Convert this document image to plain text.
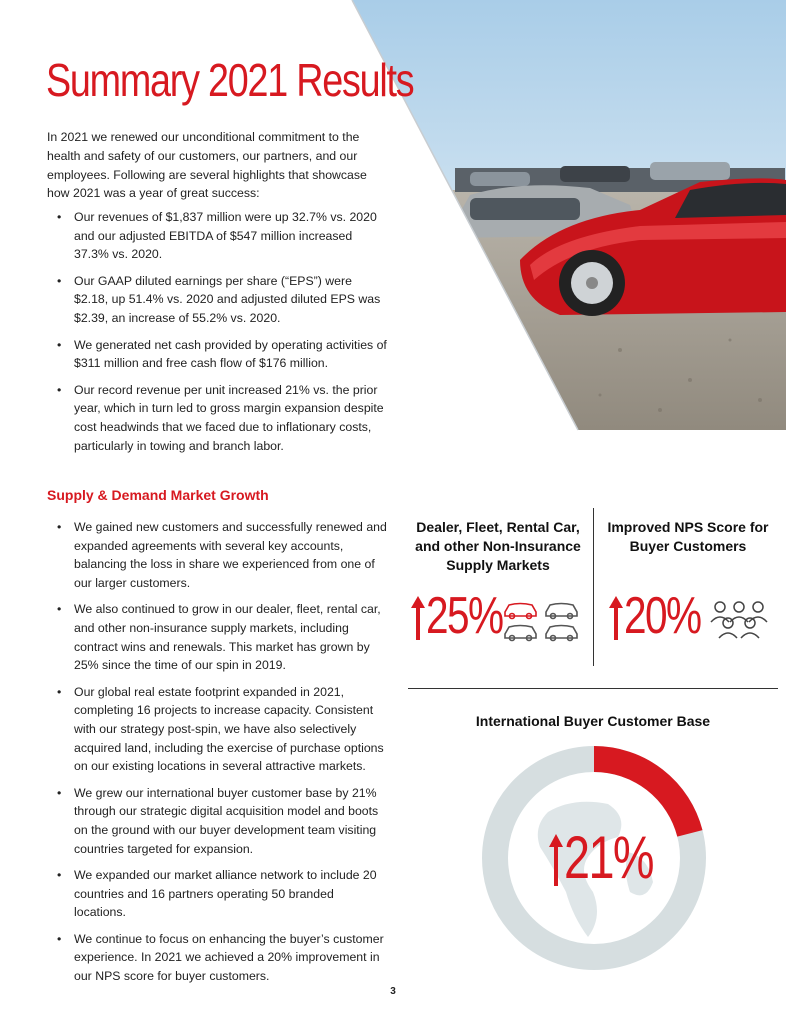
Summary 2021 Results

In 2021 we renewed our unconditional commitment to the health and safety of our customers, our partners, and our employees. Following are several highlights that showcase how 2021 was a year of great success:

• Our revenues of $1,837 million were up 32.7% vs. 2020 and our adjusted EBITDA of $547 million increased 37.3% vs. 2020.
• Our GAAP diluted earnings per share (“EPS”) were $2.18, up 51.4% vs. 2020 and adjusted diluted EPS was $2.39, an increase of 55.2% vs. 2020.
• We generated net cash provided by operating activities of $311 million and free cash flow of $176 million.
• Our record revenue per unit increased 21% vs. the prior year, which in turn led to gross margin expansion despite cost headwinds that we faced due to inflationary costs, particularly in towing and branch labor.
Supply & Demand Market Growth
• We gained new customers and successfully renewed and expanded agreements with several key accounts, balancing the loss in share we experienced from one of our larger customers.
• We also continued to grow in our dealer, fleet, rental car, and other non-insurance supply markets, including contract wins and renewals. This market has grown by 25% since the time of our spin in 2019.
• Our global real estate footprint expanded in 2021, completing 16 projects to increase capacity. Consistent with our strategy post-spin, we have also selectively acquired land, including the exercise of purchase options on our existing locations in several attractive markets.
• We grew our international buyer customer base by 21% through our strategic digital acquisition model and boots on the ground with our buyer development team visiting countries targeted for expansion.
• We expanded our market alliance network to include 20 countries and 16 partners operating 50 branded locations.
• We continue to focus on enhancing the buyer’s customer experience. In 2021 we achieved a 20% improvement in our NPS score for buyer customers.

Dealer, Fleet, Rental Car, and other Non-Insurance Supply Markets

25%

Improved NPS Score for Buyer Customers

20%

International Buyer Customer Base

21%
3
